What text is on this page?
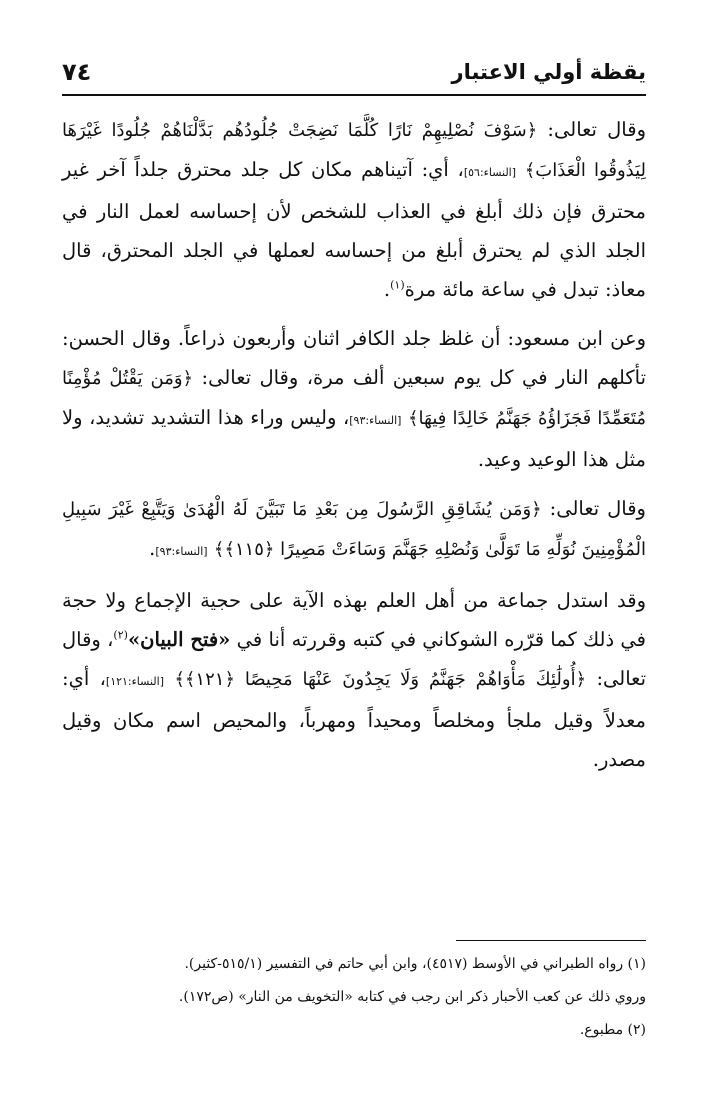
يقظة أولي الاعتبار
٧٤

وقال تعالى: ﴿سَوْفَ نُصْلِيهِمْ نَارًا كُلَّمَا نَضِجَتْ جُلُودُهُم بَدَّلْنَاهُمْ جُلُودًا غَيْرَهَا لِيَذُوقُوا الْعَذَابَ﴾ [النساء:٥٦]، أي: آتيناهم مكان كل جلد محترق جلداً آخر غير محترق فإن ذلك أبلغ في العذاب للشخص لأن إحساسه لعمل النار في الجلد الذي لم يحترق أبلغ من إحساسه لعملها في الجلد المحترق، قال معاذ: تبدل في ساعة مائة مرة$^{(١)}$.

وعن ابن مسعود: أن غلظ جلد الكافر اثنان وأربعون ذراعاً. وقال الحسن: تأكلهم النار في كل يوم سبعين ألف مرة، وقال تعالى: ﴿وَمَن يَقْتُلْ مُؤْمِنًا مُتَعَمِّدًا فَجَزَاؤُهُ جَهَنَّمُ خَالِدًا فِيهَا﴾ [النساء:٩٣]، وليس وراء هذا التشديد تشديد، ولا مثل هذا الوعيد وعيد.

وقال تعالى: ﴿وَمَن يُشَاقِقِ الرَّسُولَ مِن بَعْدِ مَا تَبَيَّنَ لَهُ الْهُدَىٰ وَيَتَّبِعْ غَيْرَ سَبِيلِ الْمُؤْمِنِينَ نُوَلِّهِ مَا تَوَلَّىٰ وَنُصْلِهِ جَهَنَّمَ وَسَاءَتْ مَصِيرًا ﴿١١٥﴾﴾ [النساء:٩٣].

وقد استدل جماعة من أهل العلم بهذه الآية على حجية الإجماع ولا حجة في ذلك كما قرّره الشوكاني في كتبه وقررته أنا في «فتح البيان»$^{(٢)}$، وقال تعالى: ﴿أُولَٰئِكَ مَأْوَاهُمْ جَهَنَّمُ وَلَا يَجِدُونَ عَنْهَا مَحِيصًا ﴿١٢١﴾﴾ [النساء:١٢١]، أي: معدلاً وقيل ملجأ ومخلصاً ومحيداً ومهرباً، والمحيص اسم مكان وقيل مصدر.

(١) رواه الطبراني في الأوسط (٤٥١٧)، وابن أبي حاتم في التفسير (٥١٥/١-كثير).

وروي ذلك عن كعب الأحبار ذكر ابن رجب في كتابه «التخويف من النار» (ص١٧٢).

(٢) مطبوع.
